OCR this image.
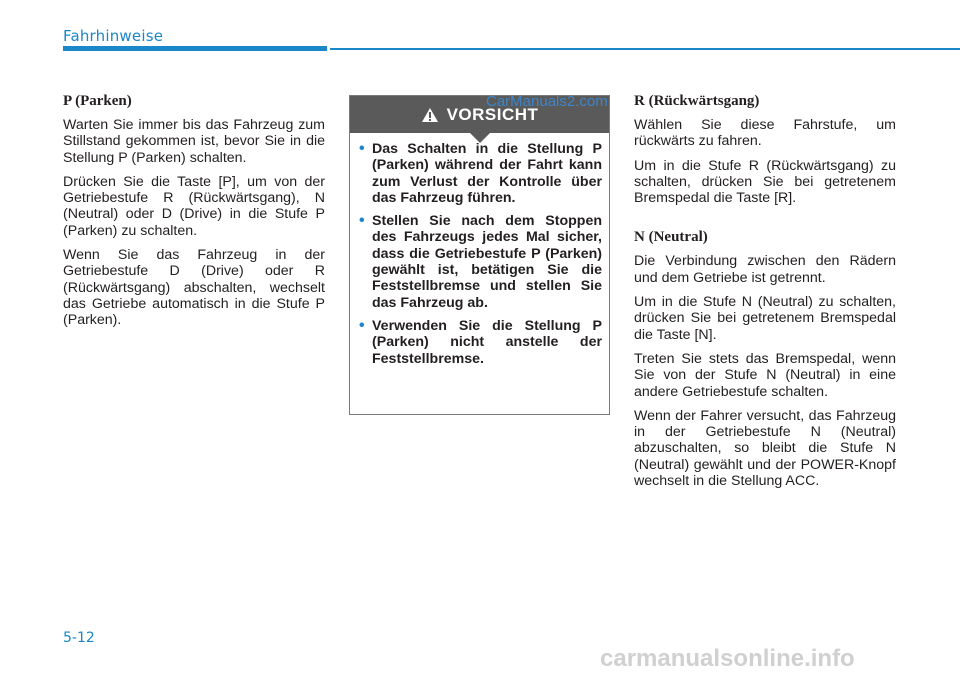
Fahrhinweise
P (Parken)

Warten Sie immer bis das Fahrzeug zum Stillstand gekommen ist, bevor Sie in die Stellung P (Parken) schalten.

Drücken Sie die Taste [P], um von der Getriebestufe R (Rückwärtsgang), N (Neutral) oder D (Drive) in die Stufe P (Parken) zu schalten.

Wenn Sie das Fahrzeug in der Getriebestufe D (Drive) oder R (Rückwärtsgang) abschalten, wechselt das Getriebe automatisch in die Stufe P (Parken).

VORSICHT
• Das Schalten in die Stellung P (Parken) während der Fahrt kann zum Verlust der Kontrolle über das Fahrzeug führen.
• Stellen Sie nach dem Stoppen des Fahrzeugs jedes Mal sicher, dass die Getriebestufe P (Parken) gewählt ist, betätigen Sie die Feststellbremse und stellen Sie das Fahrzeug ab.
• Verwenden Sie die Stellung P (Parken) nicht anstelle der Feststellbremse.
CarManuals2.com R (Rückwärtsgang)

Wählen Sie diese Fahrstufe, um rückwärts zu fahren.

Um in die Stufe R (Rückwärtsgang) zu schalten, drücken Sie bei getretenem Bremspedal die Taste [R].

N (Neutral)

Die Verbindung zwischen den Rädern und dem Getriebe ist getrennt.

Um in die Stufe N (Neutral) zu schalten, drücken Sie bei getretenem Bremspedal die Taste [N].

Treten Sie stets das Bremspedal, wenn Sie von der Stufe N (Neutral) in eine andere Getriebestufe schalten.

Wenn der Fahrer versucht, das Fahrzeug in der Getriebestufe N (Neutral) abzuschalten, so bleibt die Stufe N (Neutral) gewählt und der POWER-Knopf wechselt in die Stellung ACC.

5-12
carmanualsonline.info
